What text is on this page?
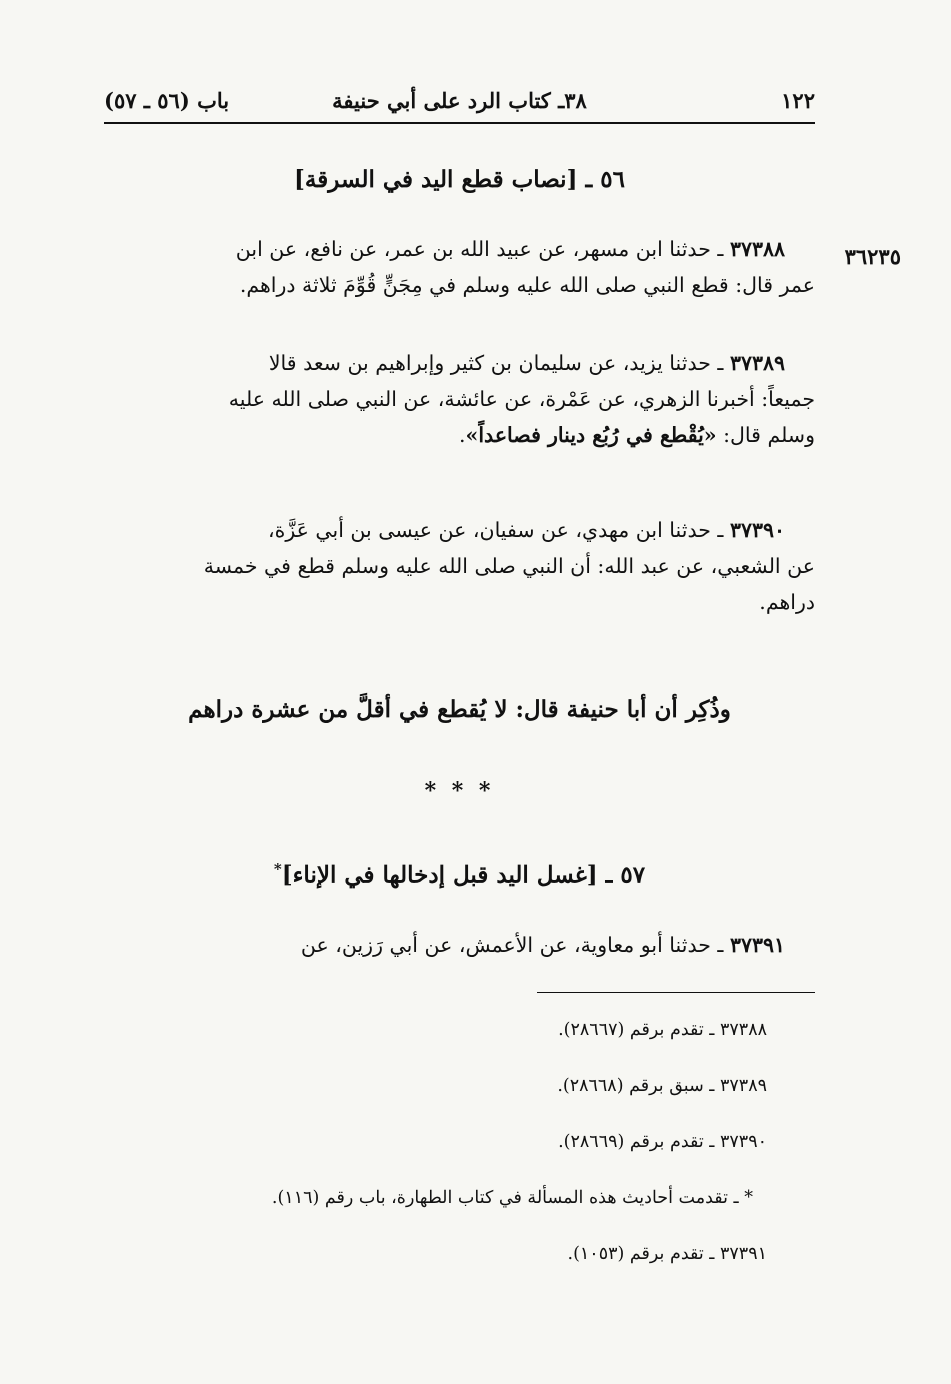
١٢٢
٣٨ـ كتاب الرد على أبي حنيفة
باب (٥٦ ـ ٥٧)
٥٦ ـ [نصاب قطع اليد في السرقة]
٣٦٢٣٥
٣٧٣٨٨ ـ حدثنا ابن مسهر، عن عبيد الله بن عمر، عن نافع، عن ابن
عمر قال: قطع النبي صلى الله عليه وسلم في مِجَنٍّ قُوِّمَ ثلاثة دراهم.
٣٧٣٨٩ ـ حدثنا يزيد، عن سليمان بن كثير وإبراهيم بن سعد قالا
جميعاً: أخبرنا الزهري، عن عَمْرة، عن عائشة، عن النبي صلى الله عليه
وسلم قال: «يُقْطع في رُبُع دينار فصاعداً».
٣٧٣٩٠ ـ حدثنا ابن مهدي، عن سفيان، عن عيسى بن أبي عَزَّة،
عن الشعبي، عن عبد الله: أن النبي صلى الله عليه وسلم قطع في خمسة
دراهم.
وذُكِر أن أبا حنيفة قال: لا يُقطع في أقلَّ من عشرة دراهم
* * *
٥٧ ـ [غسل اليد قبل إدخالها في الإناء]*
٣٧٣٩١ ـ حدثنا أبو معاوية، عن الأعمش، عن أبي رَزين، عن
٣٧٣٨٨ ـ تقدم برقم (٢٨٦٦٧).
٣٧٣٨٩ ـ سبق برقم (٢٨٦٦٨).
٣٧٣٩٠ ـ تقدم برقم (٢٨٦٦٩).
* ـ تقدمت أحاديث هذه المسألة في كتاب الطهارة، باب رقم (١١٦).
٣٧٣٩١ ـ تقدم برقم (١٠٥٣).
